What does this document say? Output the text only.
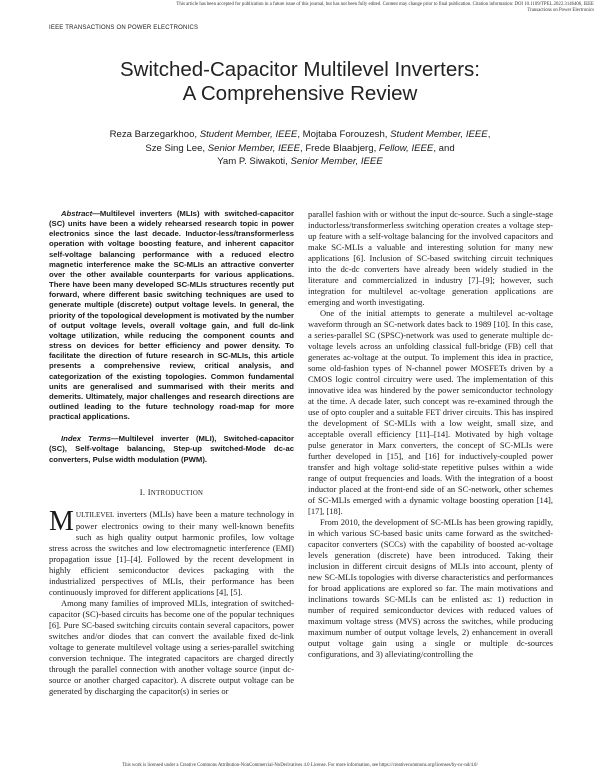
This article has been accepted for publication in a future issue of this journal, but has not been fully edited. Content may change prior to final publication. Citation information: DOI 10.1109/TPEL.2022.3146406, IEEE
Transactions on Power Electronics
IEEE TRANSACTIONS ON POWER ELECTRONICS
Switched-Capacitor Multilevel Inverters:
A Comprehensive Review
Reza Barzegarkhoo, Student Member, IEEE, Mojtaba Forouzesh, Student Member, IEEE,
Sze Sing Lee, Senior Member, IEEE, Frede Blaabjerg, Fellow, IEEE, and
Yam P. Siwakoti, Senior Member, IEEE

Abstract—Multilevel inverters (MLIs) with switched-capacitor (SC) units have been a widely rehearsed research topic in power electronics since the last decade. Inductor-less/transformerless operation with voltage boosting feature, and inherent capacitor self-voltage balancing performance with a reduced electro magnetic interference make the SC-MLIs an attractive converter over the other available counterparts for various applications. There have been many developed SC-MLIs structures recently put forward, where different basic switching techniques are used to generate multiple (discrete) output voltage levels. In general, the priority of the topological development is motivated by the number of output voltage levels, overall voltage gain, and full dc-link voltage utilization, while reducing the component counts and stress on devices for better efficiency and power density. To facilitate the direction of future research in SC-MLIs, this article presents a comprehensive review, critical analysis, and categorization of the existing topologies. Common fundamental units are generalised and summarised with their merits and demerits. Ultimately, major challenges and research directions are outlined leading to the future technology road-map for more practical applications.

Index Terms—Multilevel inverter (MLI), Switched-capacitor (SC), Self-voltage balancing, Step-up switched-Mode dc-ac converters, Pulse width modulation (PWM).

I. INTRODUCTION

MULTILEVEL inverters (MLIs) have been a mature technology in power electronics owing to their many well-known benefits such as high quality output harmonic profiles, low voltage stress across the switches and low electromagnetic interference (EMI) propagation issue [1]–[4]. Followed by the recent development in highly efficient semiconductor devices packaging with the industrialized perspectives of MLIs, their performance has been continuously improved for different applications [4], [5].

Among many families of improved MLIs, integration of switched-capacitor (SC)-based circuits has become one of the popular techniques [6]. Pure SC-based switching circuits contain several capacitors, power switches and/or diodes that can convert the available fixed dc-link voltage to generate multilevel voltage using a series-parallel switching conversion technique. The integrated capacitors are charged directly through the parallel connection with another voltage source (input dc-source or another charged capacitor). A discrete output voltage can be generated by discharging the capacitor(s) in series or

parallel fashion with or without the input dc-source. Such a single-stage inductorless/transformerless switching operation creates a voltage step-up feature with a self-voltage balancing for the involved capacitors and make SC-MLIs a valuable and interesting solution for many new applications [6]. Inclusion of SC-based switching circuit techniques into the dc-dc converters have already been widely studied in the literature and commercialized in industry [7]–[9]; however, such integration for multilevel ac-voltage generation applications are emerging and worth investigating.

One of the initial attempts to generate a multilevel ac-voltage waveform through an SC-network dates back to 1989 [10]. In this case, a series-parallel SC (SPSC)-network was used to generate multiple dc-voltage levels across an unfolding classical full-bridge (FB) cell that generates ac-voltage at the output. To implement this idea in practice, some old-fashion types of N-channel power MOSFETs driven by a CMOS logic control circuitry were used. The implementation of this innovative idea was hindered by the power semiconductor technology at the time. A decade later, such concept was re-examined through the use of opto coupler and a suitable FET driver circuits. This has inspired the development of SC-MLIs with a low weight, small size, and acceptable overall efficiency [11]–[14]. Motivated by high voltage pulse generator in Marx converters, the concept of SC-MLIs were further developed in [15], and [16] for inductively-coupled power transfer and high voltage solid-state repetitive pulses within a wide range of output frequencies and loads. With the integration of a boost inductor placed at the front-end side of an SC-network, other schemes of SC-MLIs emerged with a dynamic voltage boosting operation [14], [17], [18].

From 2010, the development of SC-MLIs has been growing rapidly, in which various SC-based basic units came forward as the switched-capacitor converters (SCCs) with the capability of boosted ac-voltage levels generation (discrete) have been introduced. Taking their inclusion in different circuit designs of MLIs into account, plenty of new SC-MLIs topologies with diverse characteristics and performances for broad applications are explored so far. The main motivations and inclinations towards SC-MLIs can be enlisted as: 1) reduction in number of required semiconductor devices with reduced values of maximum voltage stress (MVS) across the switches, while producing maximum number of output voltage levels, 2) enhancement in overall output voltage gain using a single or multiple dc-sources configurations, and 3) alleviating/controlling the

This work is licensed under a Creative Commons Attribution-NonCommercial-NoDerivatives 4.0 License. For more information, see https://creativecommons.org/licenses/by-nc-nd/4.0/
